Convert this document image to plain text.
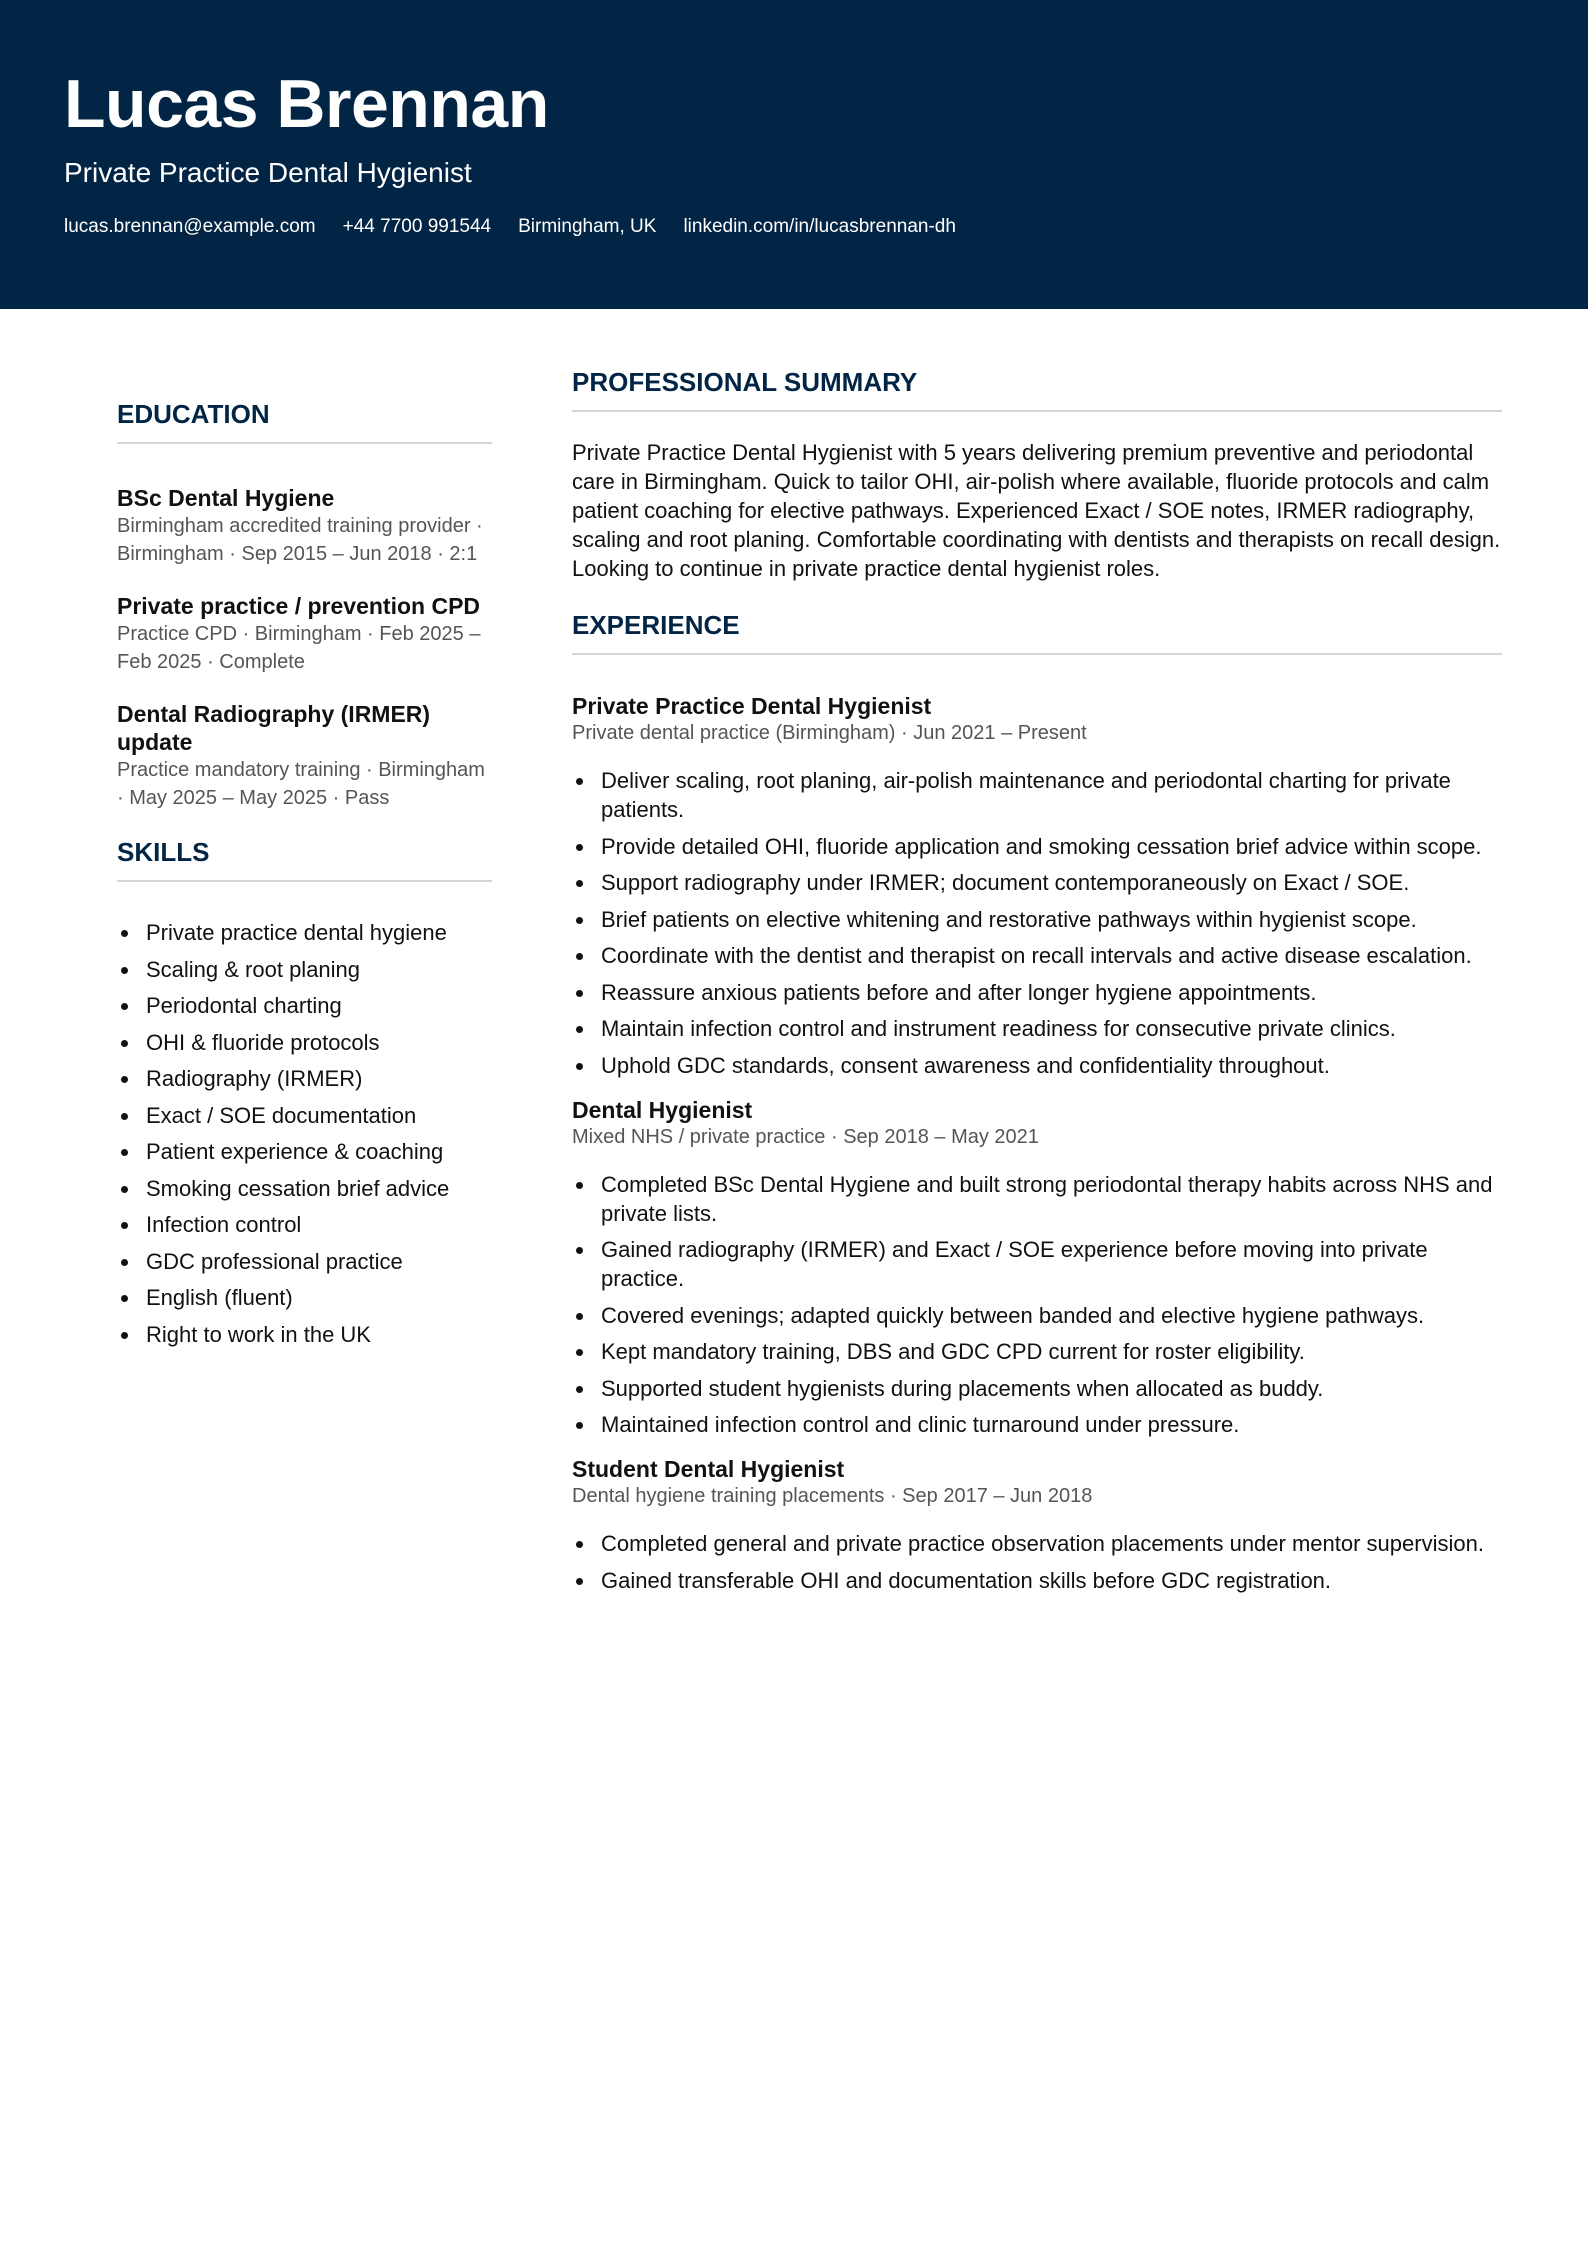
Lucas Brennan
Private Practice Dental Hygienist
lucas.brennan@example.com +44 7700 991544 Birmingham, UK linkedin.com/in/lucasbrennan-dh
EDUCATION
BSc Dental Hygiene
Birmingham accredited training provider · Birmingham · Sep 2015 – Jun 2018 · 2:1
Private practice / prevention CPD
Practice CPD · Birmingham · Feb 2025 – Feb 2025 · Complete
Dental Radiography (IRMER) update
Practice mandatory training · Birmingham · May 2025 – May 2025 · Pass
SKILLS
Private practice dental hygiene
Scaling & root planing
Periodontal charting
OHI & fluoride protocols
Radiography (IRMER)
Exact / SOE documentation
Patient experience & coaching
Smoking cessation brief advice
Infection control
GDC professional practice
English (fluent)
Right to work in the UK
PROFESSIONAL SUMMARY

Private Practice Dental Hygienist with 5 years delivering premium preventive and periodontal care in Birmingham. Quick to tailor OHI, air-polish where available, fluoride protocols and calm patient coaching for elective pathways. Experienced Exact / SOE notes, IRMER radiography, scaling and root planing. Comfortable coordinating with dentists and therapists on recall design. Looking to continue in private practice dental hygienist roles.

EXPERIENCE
Private Practice Dental Hygienist
Private dental practice (Birmingham) · Jun 2021 – Present
Deliver scaling, root planing, air-polish maintenance and periodontal charting for private patients.
Provide detailed OHI, fluoride application and smoking cessation brief advice within scope.
Support radiography under IRMER; document contemporaneously on Exact / SOE.
Brief patients on elective whitening and restorative pathways within hygienist scope.
Coordinate with the dentist and therapist on recall intervals and active disease escalation.
Reassure anxious patients before and after longer hygiene appointments.
Maintain infection control and instrument readiness for consecutive private clinics.
Uphold GDC standards, consent awareness and confidentiality throughout.
Dental Hygienist
Mixed NHS / private practice · Sep 2018 – May 2021
Completed BSc Dental Hygiene and built strong periodontal therapy habits across NHS and private lists.
Gained radiography (IRMER) and Exact / SOE experience before moving into private practice.
Covered evenings; adapted quickly between banded and elective hygiene pathways.
Kept mandatory training, DBS and GDC CPD current for roster eligibility.
Supported student hygienists during placements when allocated as buddy.
Maintained infection control and clinic turnaround under pressure.
Student Dental Hygienist
Dental hygiene training placements · Sep 2017 – Jun 2018
Completed general and private practice observation placements under mentor supervision.
Gained transferable OHI and documentation skills before GDC registration.
